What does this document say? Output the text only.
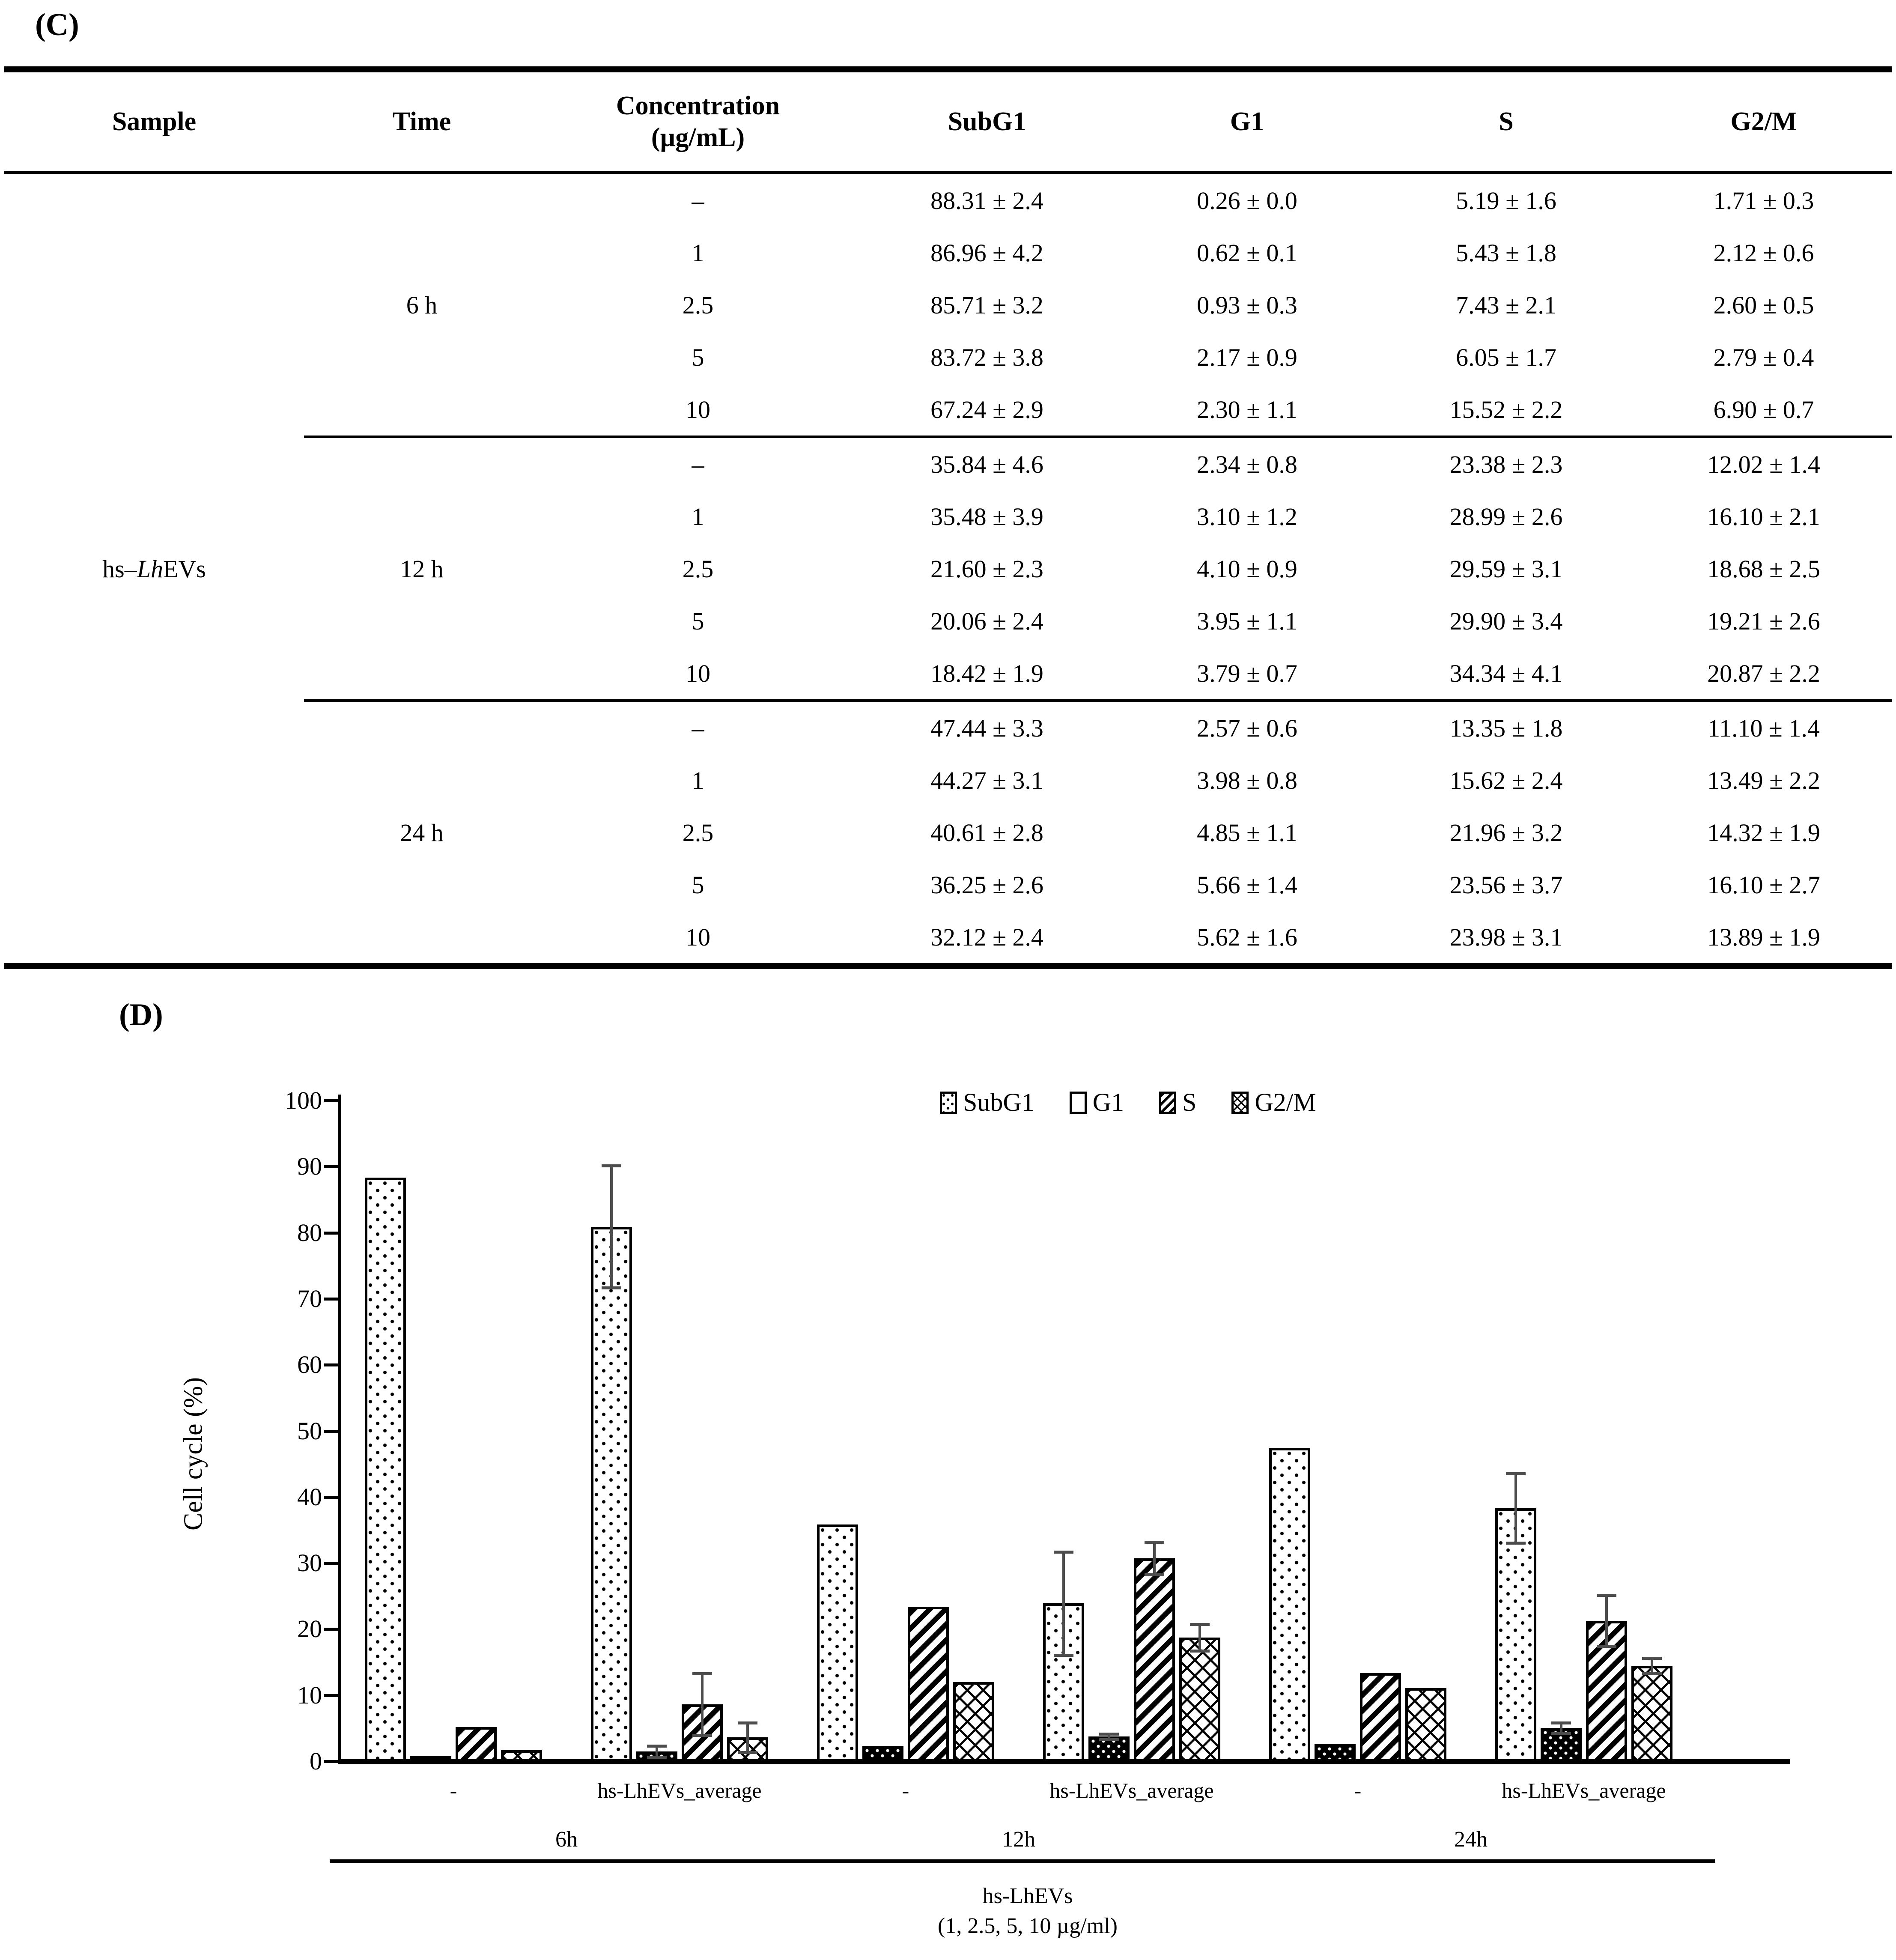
(C)
Sample	Time	Concentration
(µg/mL)	SubG1	G1	S	G2/M
hs–LhEVs	6 h	–	88.31 ± 2.4	0.26 ± 0.0	5.19 ± 1.6	1.71 ± 0.3
		1	86.96 ± 4.2	0.62 ± 0.1	5.43 ± 1.8	2.12 ± 0.6
		2.5	85.71 ± 3.2	0.93 ± 0.3	7.43 ± 2.1	2.60 ± 0.5
		5	83.72 ± 3.8	2.17 ± 0.9	6.05 ± 1.7	2.79 ± 0.4
		10	67.24 ± 2.9	2.30 ± 1.1	15.52 ± 2.2	6.90 ± 0.7
	12 h	–	35.84 ± 4.6	2.34 ± 0.8	23.38 ± 2.3	12.02 ± 1.4
		1	35.48 ± 3.9	3.10 ± 1.2	28.99 ± 2.6	16.10 ± 2.1
		2.5	21.60 ± 2.3	4.10 ± 0.9	29.59 ± 3.1	18.68 ± 2.5
		5	20.06 ± 2.4	3.95 ± 1.1	29.90 ± 3.4	19.21 ± 2.6
		10	18.42 ± 1.9	3.79 ± 0.7	34.34 ± 4.1	20.87 ± 2.2
	24 h	–	47.44 ± 3.3	2.57 ± 0.6	13.35 ± 1.8	11.10 ± 1.4
		1	44.27 ± 3.1	3.98 ± 0.8	15.62 ± 2.4	13.49 ± 2.2
		2.5	40.61 ± 2.8	4.85 ± 1.1	21.96 ± 3.2	14.32 ± 1.9
		5	36.25 ± 2.6	5.66 ± 1.4	23.56 ± 3.7	16.10 ± 2.7
		10	32.12 ± 2.4	5.62 ± 1.6	23.98 ± 3.1	13.89 ± 1.9
(D)
SubG1 G1 S G2/M
Cell cycle (%)
hs-LhEVs
(1, 2.5, 5, 10 µg/ml)
0
10
20
30
40
50
60
70
80
90
100
-	hs-LhEVs_average	-	hs-LhEVs_average	-	hs-LhEVs_average
6h	12h	24h
